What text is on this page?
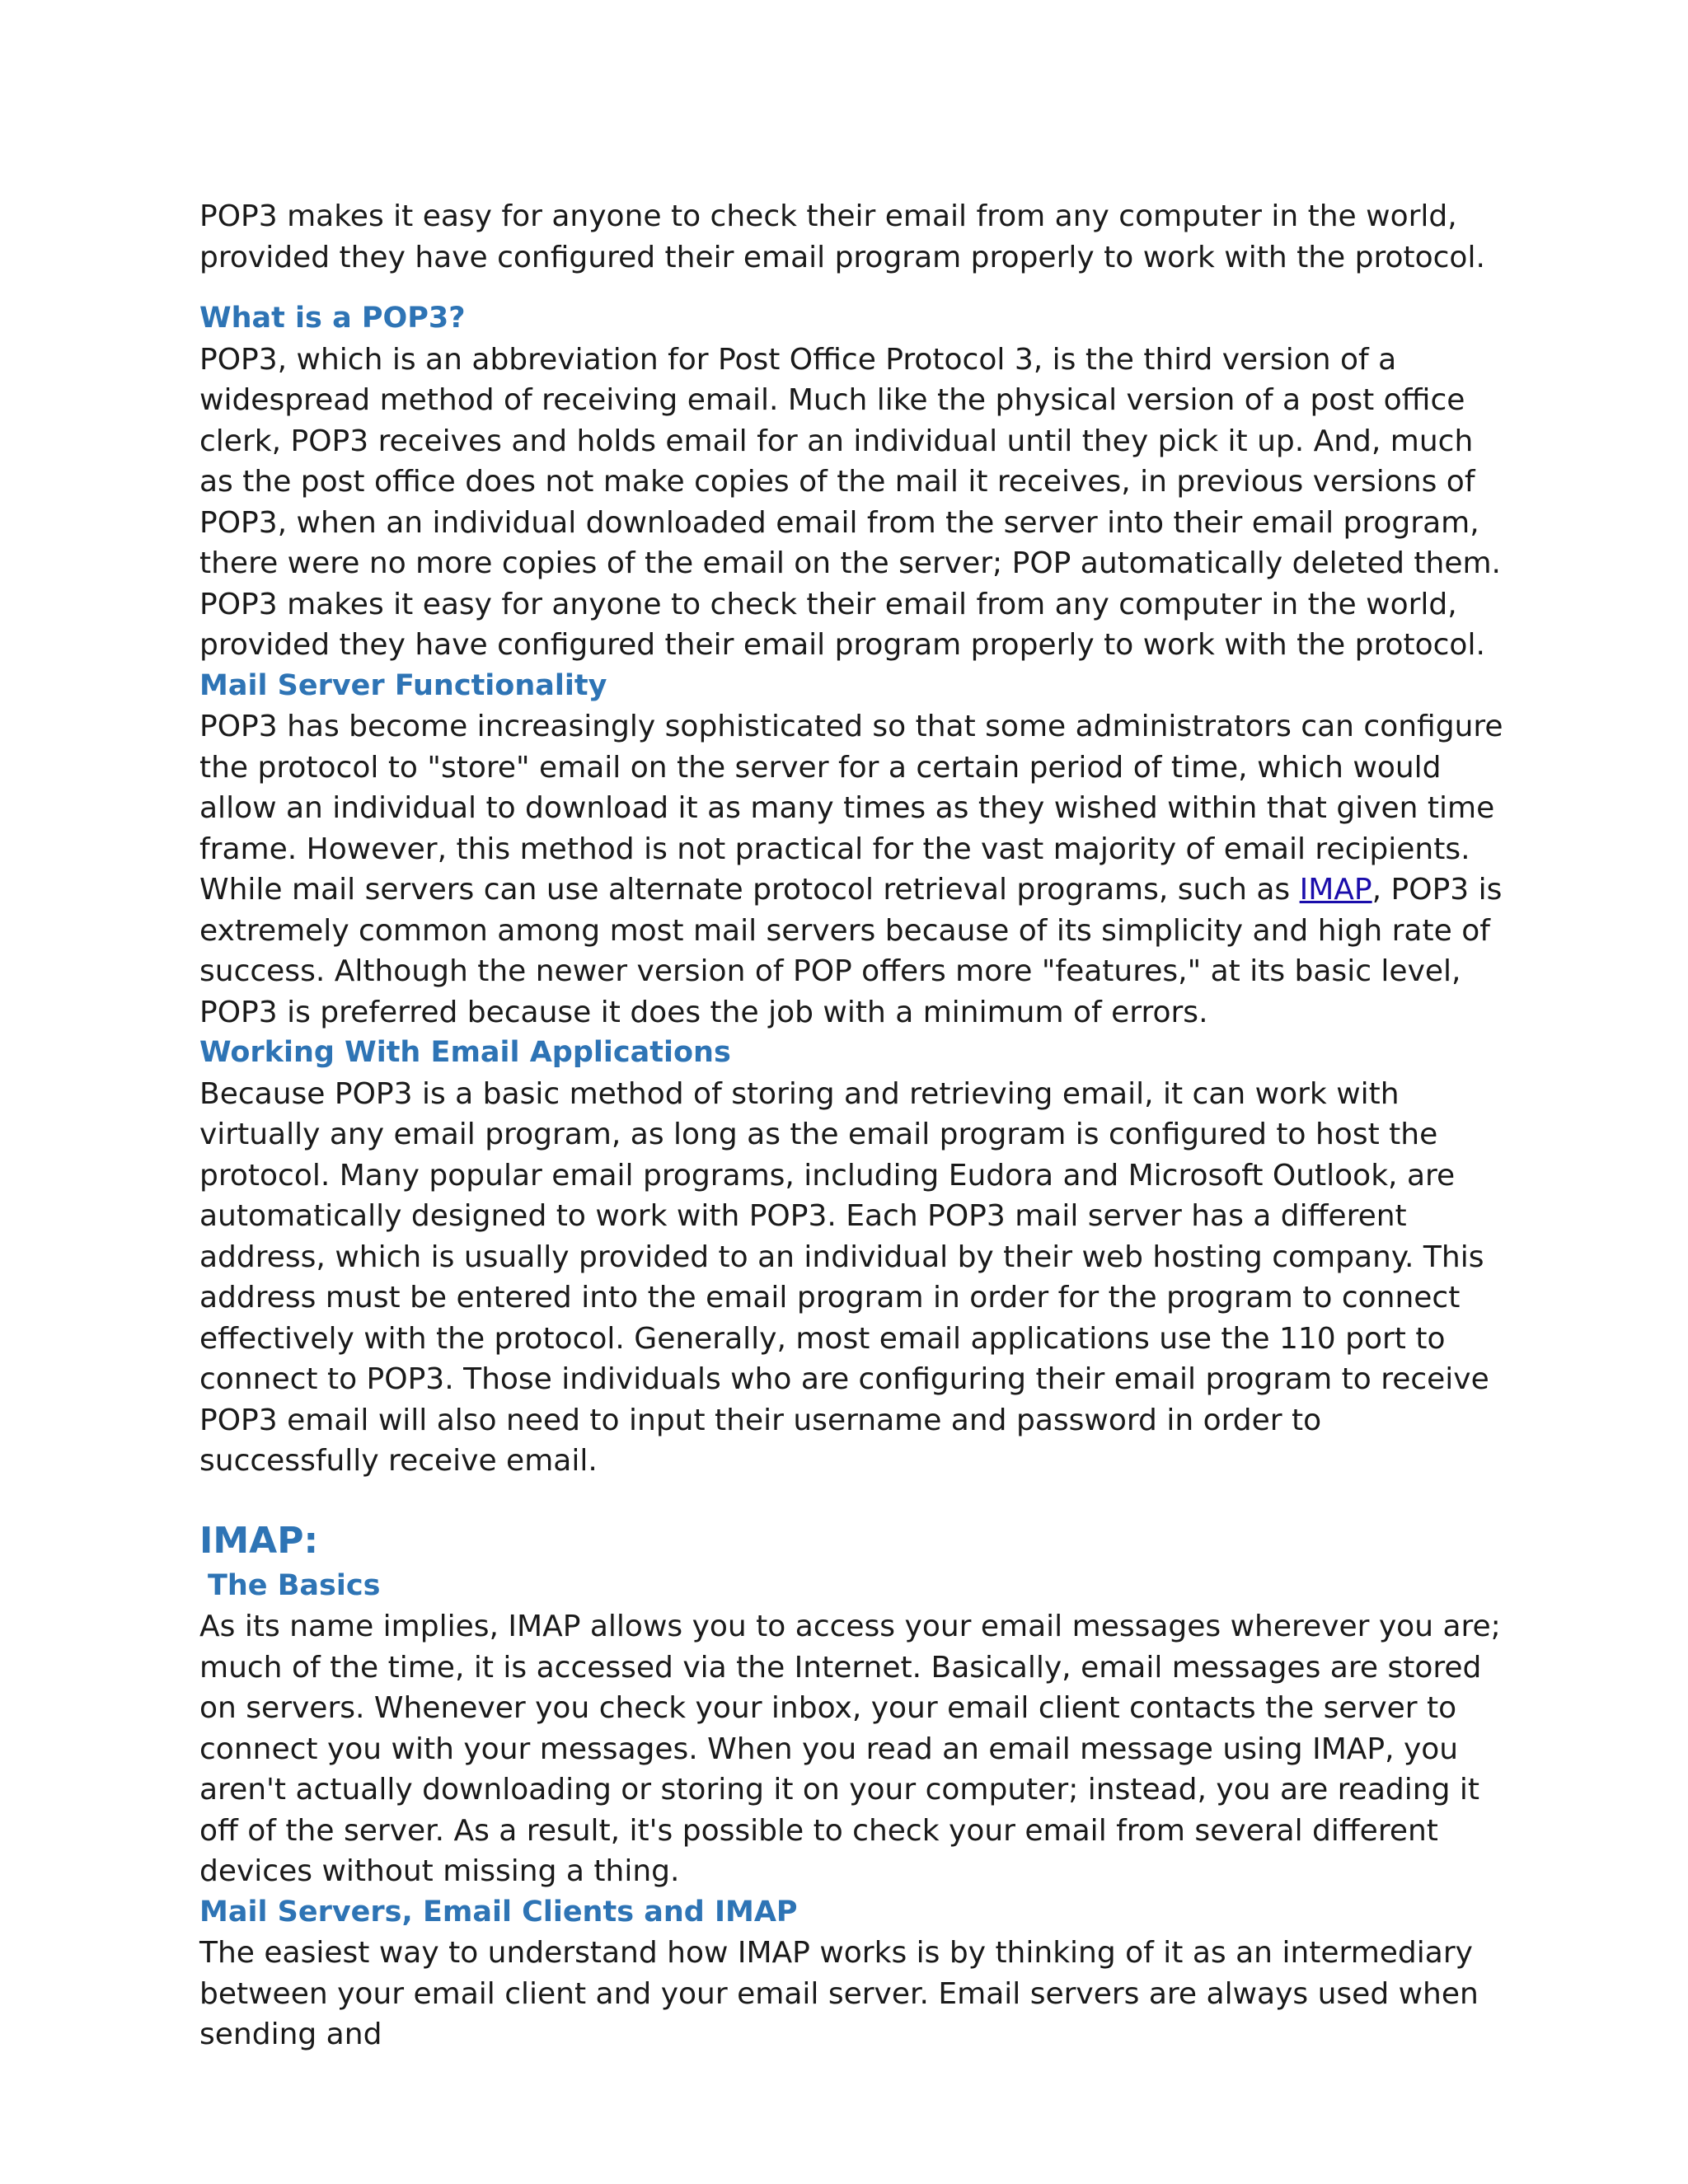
POP3 makes it easy for anyone to check their email from any computer in the world, provided they have configured their email program properly to work with the protocol.

What is a POP3?

POP3, which is an abbreviation for Post Office Protocol 3, is the third version of a widespread method of receiving email. Much like the physical version of a post office clerk, POP3 receives and holds email for an individual until they pick it up. And, much as the post office does not make copies of the mail it receives, in previous versions of POP3, when an individual downloaded email from the server into their email program, there were no more copies of the email on the server; POP automatically deleted them.

POP3 makes it easy for anyone to check their email from any computer in the world, provided they have configured their email program properly to work with the protocol.

Mail Server Functionality

POP3 has become increasingly sophisticated so that some administrators can configure the protocol to "store" email on the server for a certain period of time, which would allow an individual to download it as many times as they wished within that given time frame. However, this method is not practical for the vast majority of email recipients.

While mail servers can use alternate protocol retrieval programs, such as IMAP, POP3 is extremely common among most mail servers because of its simplicity and high rate of success. Although the newer version of POP offers more "features," at its basic level, POP3 is preferred because it does the job with a minimum of errors.

Working With Email Applications

Because POP3 is a basic method of storing and retrieving email, it can work with virtually any email program, as long as the email program is configured to host the protocol. Many popular email programs, including Eudora and Microsoft Outlook, are automatically designed to work with POP3. Each POP3 mail server has a different address, which is usually provided to an individual by their web hosting company. This address must be entered into the email program in order for the program to connect effectively with the protocol. Generally, most email applications use the 110 port to connect to POP3. Those individuals who are configuring their email program to receive POP3 email will also need to input their username and password in order to successfully receive email.

IMAP:
The Basics

As its name implies, IMAP allows you to access your email messages wherever you are; much of the time, it is accessed via the Internet. Basically, email messages are stored on servers. Whenever you check your inbox, your email client contacts the server to connect you with your messages. When you read an email message using IMAP, you aren't actually downloading or storing it on your computer; instead, you are reading it off of the server. As a result, it's possible to check your email from several different devices without missing a thing.

Mail Servers, Email Clients and IMAP

The easiest way to understand how IMAP works is by thinking of it as an intermediary between your email client and your email server. Email servers are always used when sending and
